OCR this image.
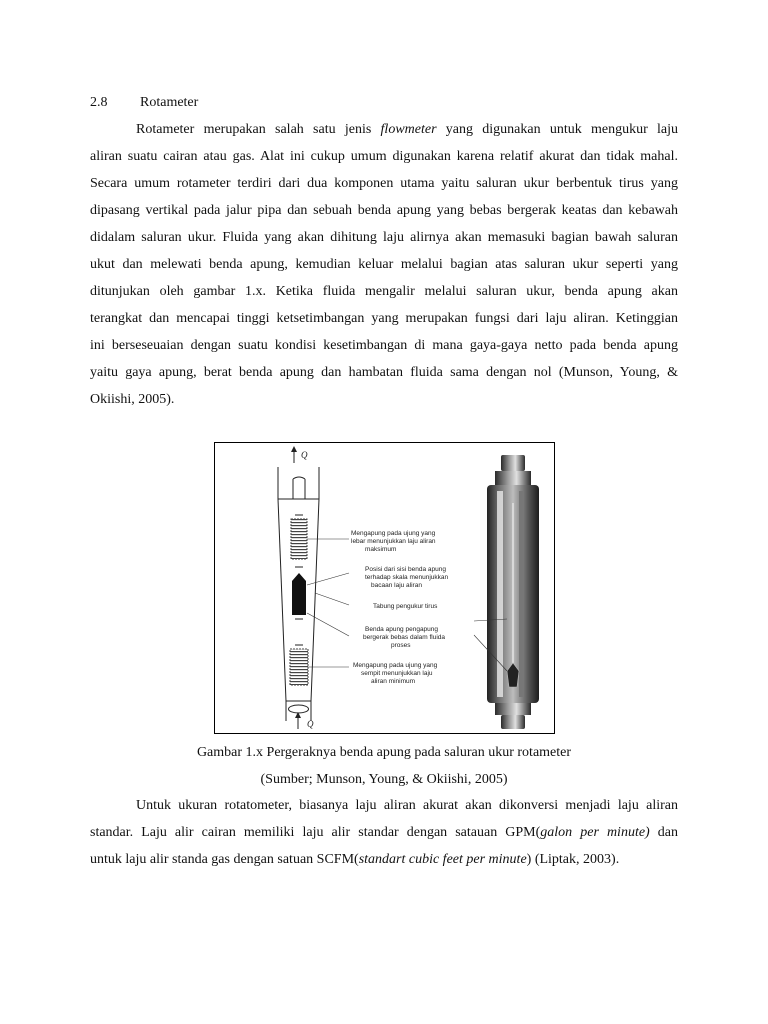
2.8 Rotameter
Rotameter merupakan salah satu jenis flowmeter yang digunakan untuk mengukur laju
aliran suatu cairan atau gas. Alat ini cukup umum digunakan karena relatif akurat dan tidak mahal.
Secara umum rotameter terdiri dari dua komponen utama yaitu saluran ukur berbentuk tirus yang
dipasang vertikal pada jalur pipa dan sebuah benda apung yang bebas bergerak keatas dan kebawah
didalam saluran ukur. Fluida yang akan dihitung laju alirnya akan memasuki bagian bawah saluran
ukut dan melewati benda apung, kemudian keluar melalui bagian atas saluran ukur seperti yang
ditunjukan oleh gambar 1.x. Ketika fluida mengalir melalui saluran ukur, benda apung akan
terangkat dan mencapai tinggi ketsetimbangan yang merupakan fungsi dari laju aliran. Ketinggian
ini berseseuaian dengan suatu kondisi kesetimbangan di mana gaya-gaya netto pada benda apung
yaitu gaya apung, berat benda apung dan hambatan fluida sama dengan nol (Munson, Young, &
Okiishi, 2005).
Q
Q
Mengapung pada ujung yang
lebar menunjukkan laju aliran
maksimum
Posisi dari sisi benda apung
terhadap skala menunjukkan
bacaan laju aliran
Tabung pengukur tirus
Benda apung pengapung
bergerak bebas dalam fluida
proses
Mengapung pada ujung yang
sempit menunjukkan laju
aliran minimum
Gambar 1.x Pergeraknya benda apung pada saluran ukur rotameter
(Sumber; Munson, Young, & Okiishi, 2005)
Untuk ukuran rotatometer, biasanya laju aliran akurat akan dikonversi menjadi laju aliran
standar. Laju alir cairan memiliki laju alir standar dengan satauan GPM(galon per minute) dan
untuk laju alir standa gas dengan satuan SCFM(standart cubic feet per minute) (Liptak, 2003).
